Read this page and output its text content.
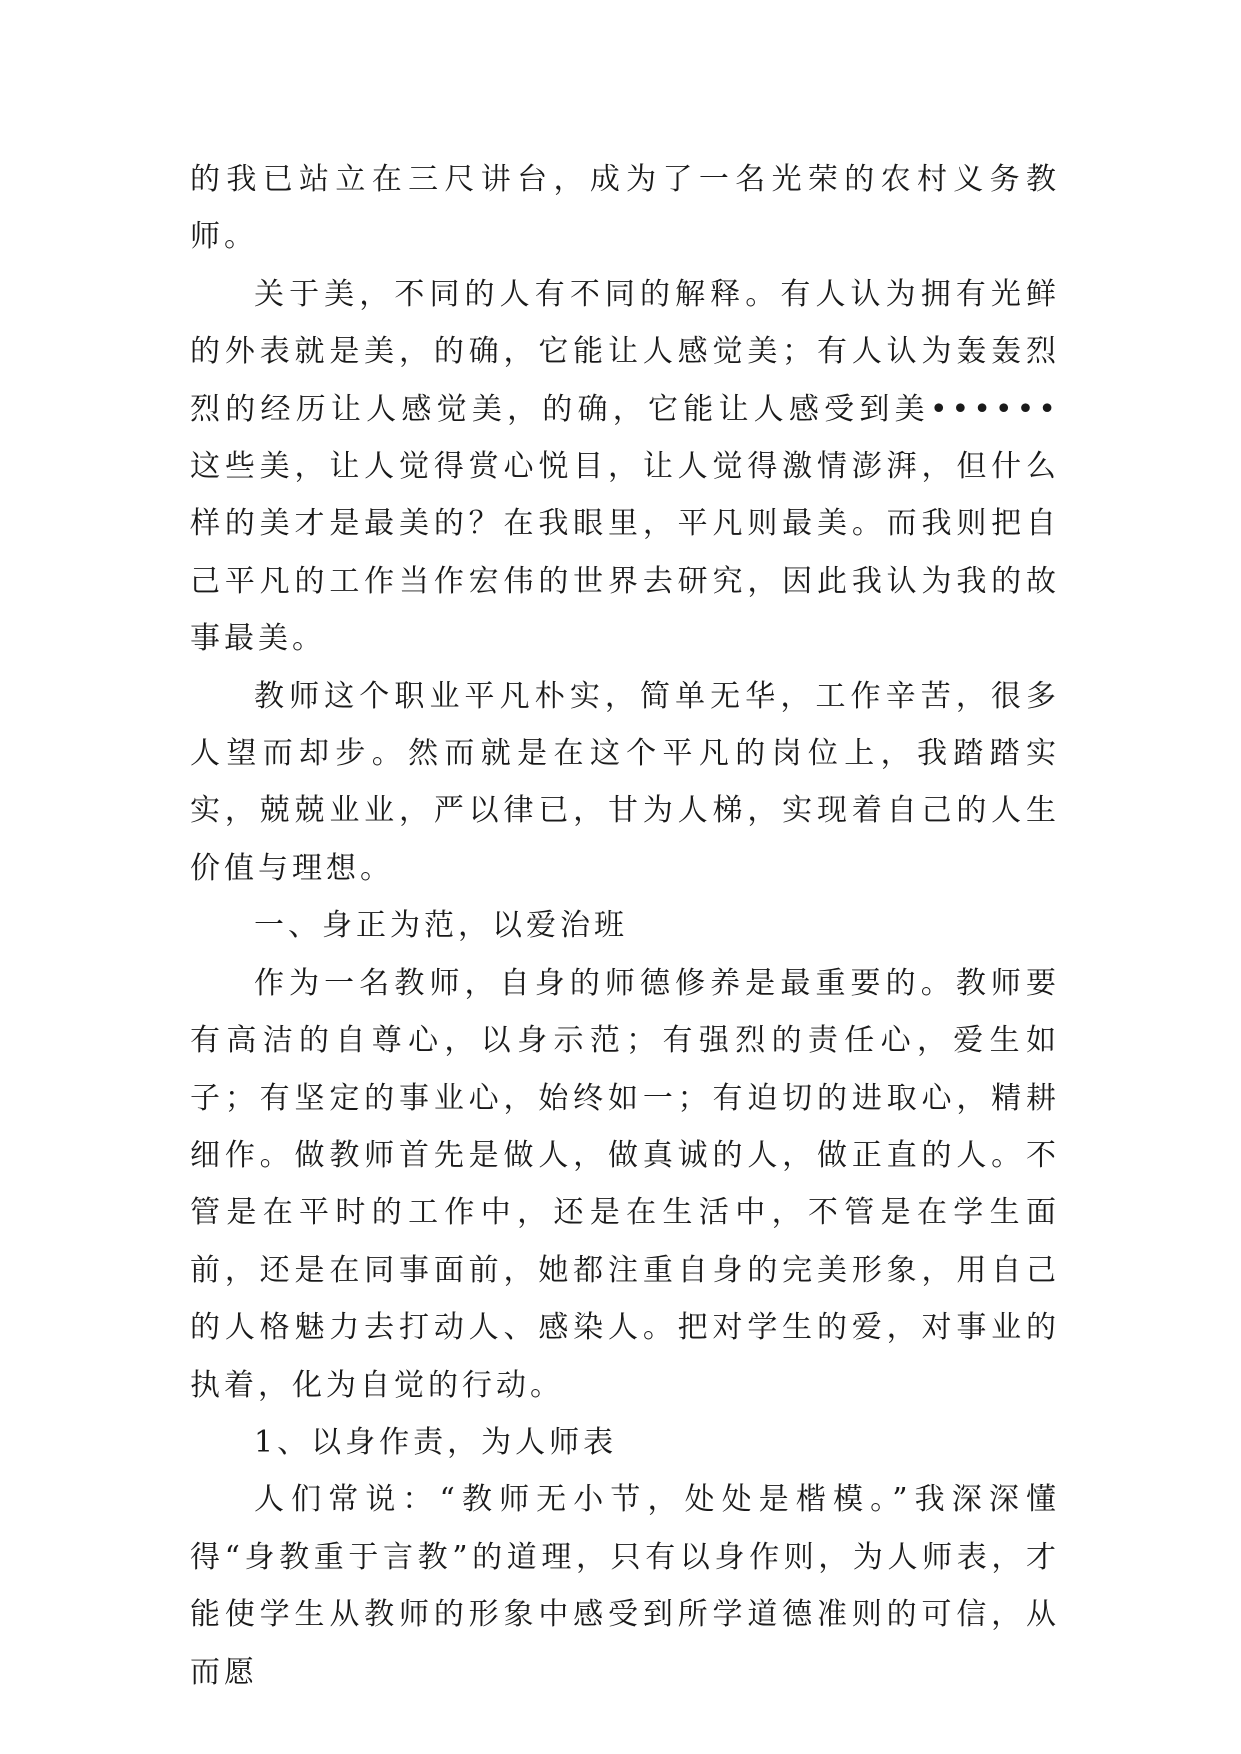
的我已站立在三尺讲台，成为了一名光荣的农村义务教师。

关于美，不同的人有不同的解释。有人认为拥有光鲜的外表就是美，的确，它能让人感觉美；有人认为轰轰烈烈的经历让人感觉美，的确，它能让人感受到美••••••这些美，让人觉得赏心悦目，让人觉得激情澎湃，但什么样的美才是最美的？在我眼里，平凡则最美。而我则把自己平凡的工作当作宏伟的世界去研究，因此我认为我的故事最美。

教师这个职业平凡朴实，简单无华，工作辛苦，很多人望而却步。然而就是在这个平凡的岗位上，我踏踏实实，兢兢业业，严以律已，甘为人梯，实现着自己的人生价值与理想。

一、身正为范，以爱治班

作为一名教师，自身的师德修养是最重要的。教师要有高洁的自尊心，以身示范；有强烈的责任心，爱生如子；有坚定的事业心，始终如一；有迫切的进取心，精耕细作。做教师首先是做人，做真诚的人，做正直的人。不管是在平时的工作中，还是在生活中，不管是在学生面前，还是在同事面前，她都注重自身的完美形象，用自己的人格魅力去打动人、感染人。把对学生的爱，对事业的执着，化为自觉的行动。

1、以身作责，为人师表

人们常说：“教师无小节，处处是楷模。”我深深懂得“身教重于言教”的道理，只有以身作则，为人师表，才能使学生从教师的形象中感受到所学道德准则的可信，从而愿
